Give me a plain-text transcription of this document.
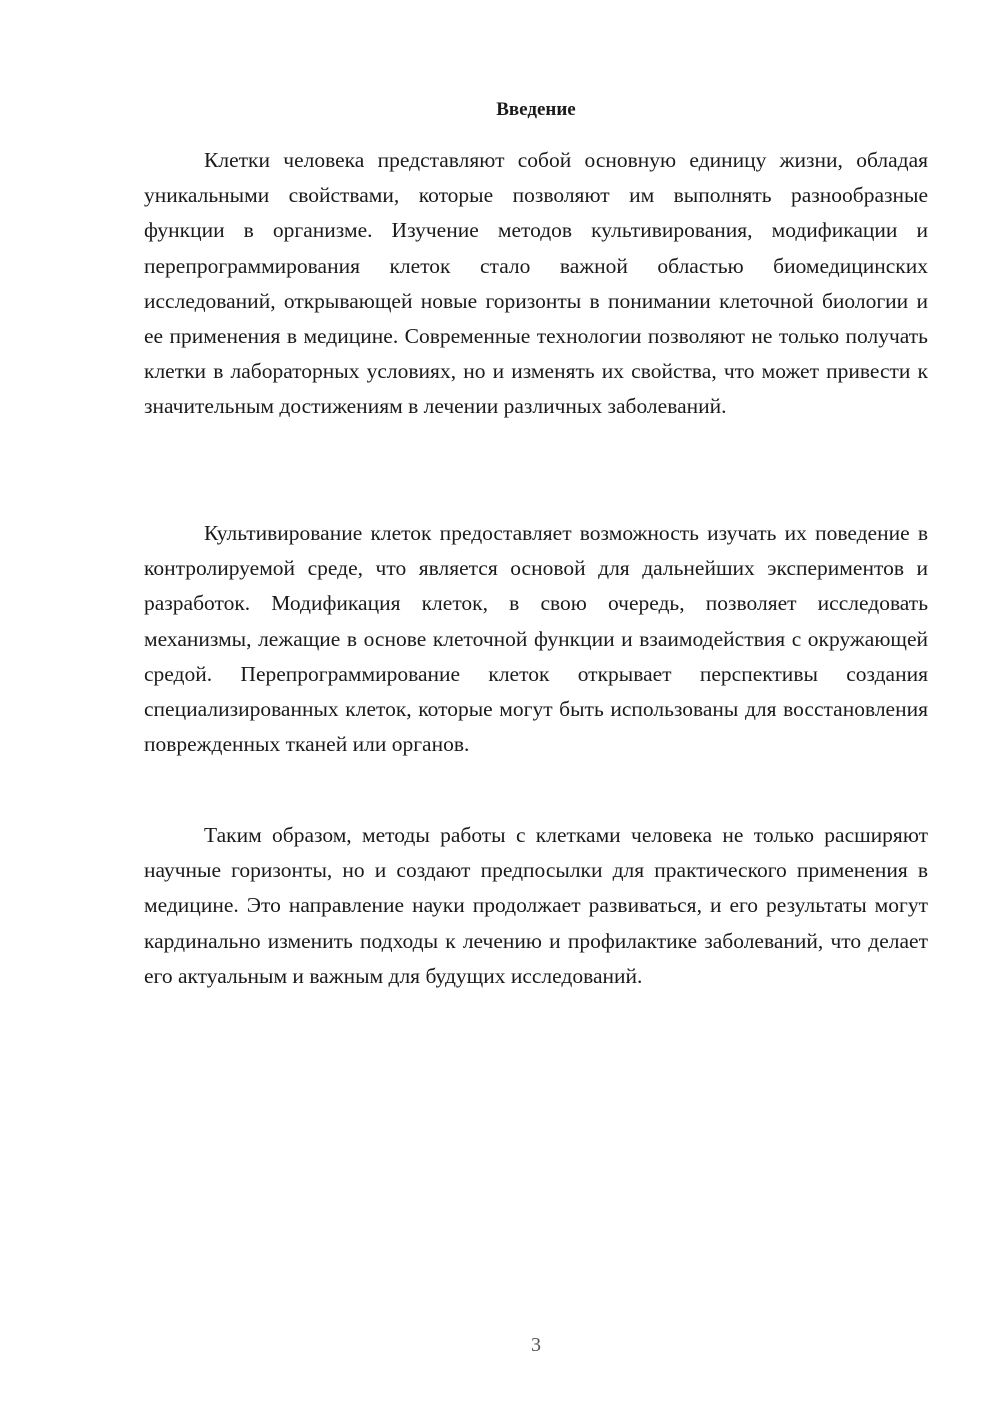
Введение

Клетки человека представляют собой основную единицу жизни, обладая уникальными свойствами, которые позволяют им выполнять разнообразные функции в организме. Изучение методов культивирования, модификации и перепрограммирования клеток стало важной областью биомедицинских исследований, открывающей новые горизонты в понимании клеточной биологии и ее применения в медицине. Современные технологии позволяют не только получать клетки в лабораторных условиях, но и изменять их свойства, что может привести к значительным достижениям в лечении различных заболеваний.

Культивирование клеток предоставляет возможность изучать их поведение в контролируемой среде, что является основой для дальнейших экспериментов и разработок. Модификация клеток, в свою очередь, позволяет исследовать механизмы, лежащие в основе клеточной функции и взаимодействия с окружающей средой. Перепрограммирование клеток открывает перспективы создания специализированных клеток, которые могут быть использованы для восстановления поврежденных тканей или органов.

Таким образом, методы работы с клетками человека не только расширяют научные горизонты, но и создают предпосылки для практического применения в медицине. Это направление науки продолжает развиваться, и его результаты могут кардинально изменить подходы к лечению и профилактике заболеваний, что делает его актуальным и важным для будущих исследований.

3
